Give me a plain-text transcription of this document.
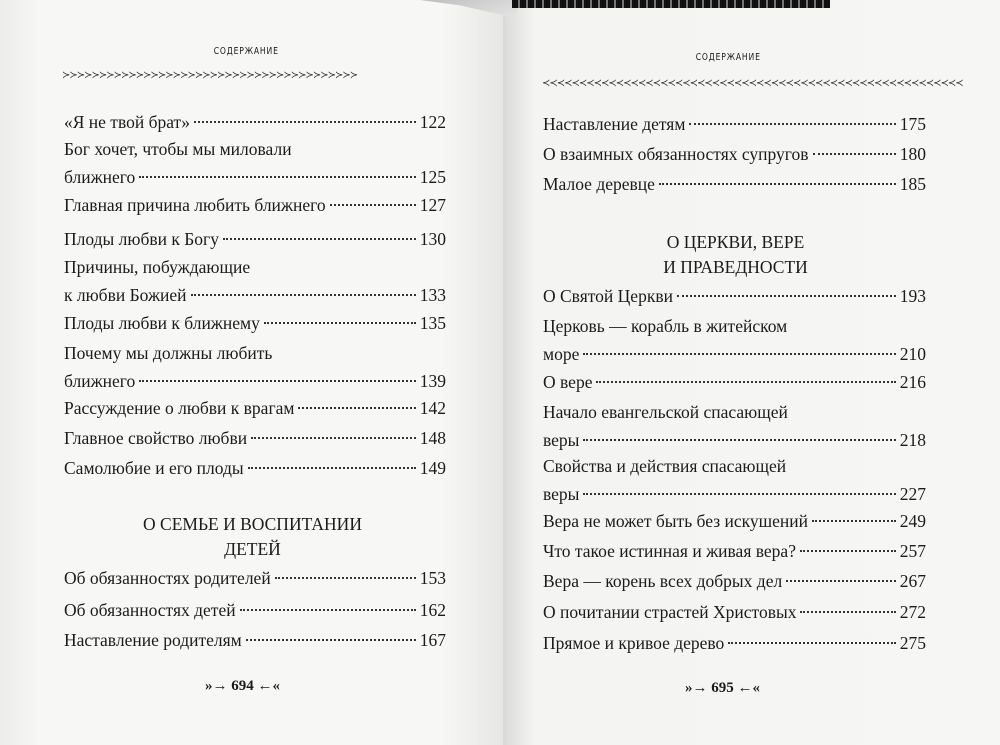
СОДЕРЖАНИЕ
≻≻≻≻≻≻≻≻≻≻≻≻≻≻≻≻≻≻≻≻≻≻≻≻≻≻≻≻≻≻≻≻≻≻≻≻≻≻≻≻
«Я не твой брат»	122
Бог хочет, чтобы мы миловали
ближнего	125
Главная причина любить ближнего	127
Плоды любви к Богу	130
Причины, побуждающие
к любви Божией	133
Плоды любви к ближнему	135
Почему мы должны любить
ближнего	139
Рассуждение о любви к врагам	142
Главное свойство любви	148
Самолюбие и его плоды	149
Об обязанностях родителей	153
Об обязанностях детей	162
Наставление родителям	167
О СЕМЬЕ И ВОСПИТАНИИ
ДЕТЕЙ
»→ 694 ←«
СОДЕРЖАНИЕ
≺≺≺≺≺≺≺≺≺≺≺≺≺≺≺≺≺≺≺≺≺≺≺≺≺≺≺≺≺≺≺≺≺≺≺≺≺≺≺≺≺≺≺≺≺≺≺≺≺≺≺≺≺≺≺≺≺
Наставление детям	175
О взаимных обязанностях супругов	180
Малое деревце	185
О Святой Церкви	193
Церковь — корабль в житейском
море	210
О вере	216
Начало евангельской спасающей
веры	218
Свойства и действия спасающей
веры	227
Вера не может быть без искушений	249
Что такое истинная и живая вера?	257
Вера — корень всех добрых дел	267
О почитании страстей Христовых	272
Прямое и кривое дерево	275
О ЦЕРКВИ, ВЕРЕ
И ПРАВЕДНОСТИ
»→ 695 ←«
